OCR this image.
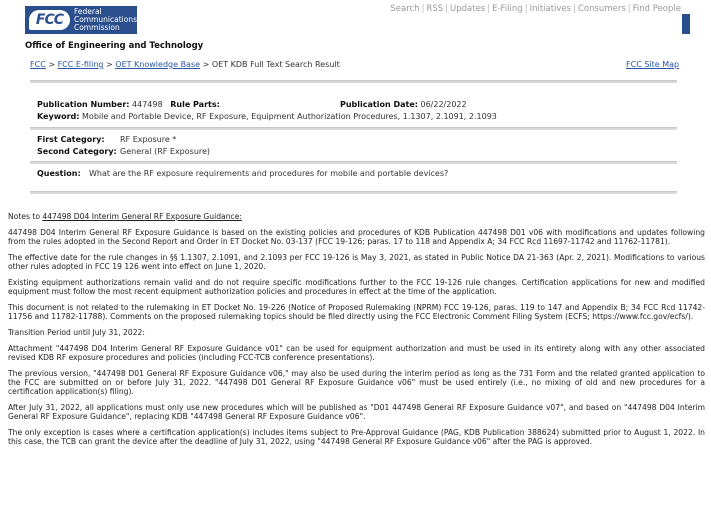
FCC
Federal
Communications
Commission
Search | RSS | Updates | E-Filing | Initiatives | Consumers | Find People
Office of Engineering and Technology
FCC > FCC E-filing > OET Knowledge Base > OET KDB Full Text Search Result	FCC Site Map
Publication Number: 447498 Rule Parts:	Publication Date: 06/22/2022
Keyword: Mobile and Portable Device, RF Exposure, Equipment Authorization Procedures, 1.1307, 2.1091, 2.1093
First Category: RF Exposure *
Second Category: General (RF Exposure)
Question: What are the RF exposure requirements and procedures for mobile and portable devices?

Notes to 447498 D04 Interim General RF Exposure Guidance:

447498 D04 Interim General RF Exposure Guidance is based on the existing policies and procedures of KDB Publication 447498 D01 v06 with modifications and updates following from the rules adopted in the Second Report and Order in ET Docket No. 03-137 (FCC 19-126; paras. 17 to 118 and Appendix A; 34 FCC Rcd 11697-11742 and 11762-11781).

The effective date for the rule changes in §§ 1.1307, 2.1091, and 2.1093 per FCC 19-126 is May 3, 2021, as stated in Public Notice DA 21-363 (Apr. 2, 2021). Modifications to various other rules adopted in FCC 19 126 went into effect on June 1, 2020.

Existing equipment authorizations remain valid and do not require specific modifications further to the FCC 19-126 rule changes. Certification applications for new and modified equipment must follow the most recent equipment authorization policies and procedures in effect at the time of the application.

This document is not related to the rulemaking in ET Docket No. 19-226 (Notice of Proposed Rulemaking (NPRM) FCC 19-126, paras. 119 to 147 and Appendix B; 34 FCC Rcd 11742-11756 and 11782-11788). Comments on the proposed rulemaking topics should be filed directly using the FCC Electronic Comment Filing System (ECFS; https://www.fcc.gov/ecfs/).

Transition Period until July 31, 2022:

Attachment "447498 D04 Interim General RF Exposure Guidance v01" can be used for equipment authorization and must be used in its entirety along with any other associated revised KDB RF exposure procedures and policies (including FCC-TCB conference presentations).

The previous version, "447498 D01 General RF Exposure Guidance v06," may also be used during the interim period as long as the 731 Form and the related granted application to the FCC are submitted on or before July 31, 2022. "447498 D01 General RF Exposure Guidance v06" must be used entirely (i.e., no mixing of old and new procedures for a certification application(s) filing).

After July 31, 2022, all applications must only use new procedures which will be published as "D01 447498 General RF Exposure Guidance v07", and based on "447498 D04 Interim General RF Exposure Guidance", replacing KDB "447498 General RF Exposure Guidance v06".

The only exception is cases where a certification application(s) includes items subject to Pre-Approval Guidance (PAG, KDB Publication 388624) submitted prior to August 1, 2022. In this case, the TCB can grant the device after the deadline of July 31, 2022, using "447498 General RF Exposure Guidance v06" after the PAG is approved.
